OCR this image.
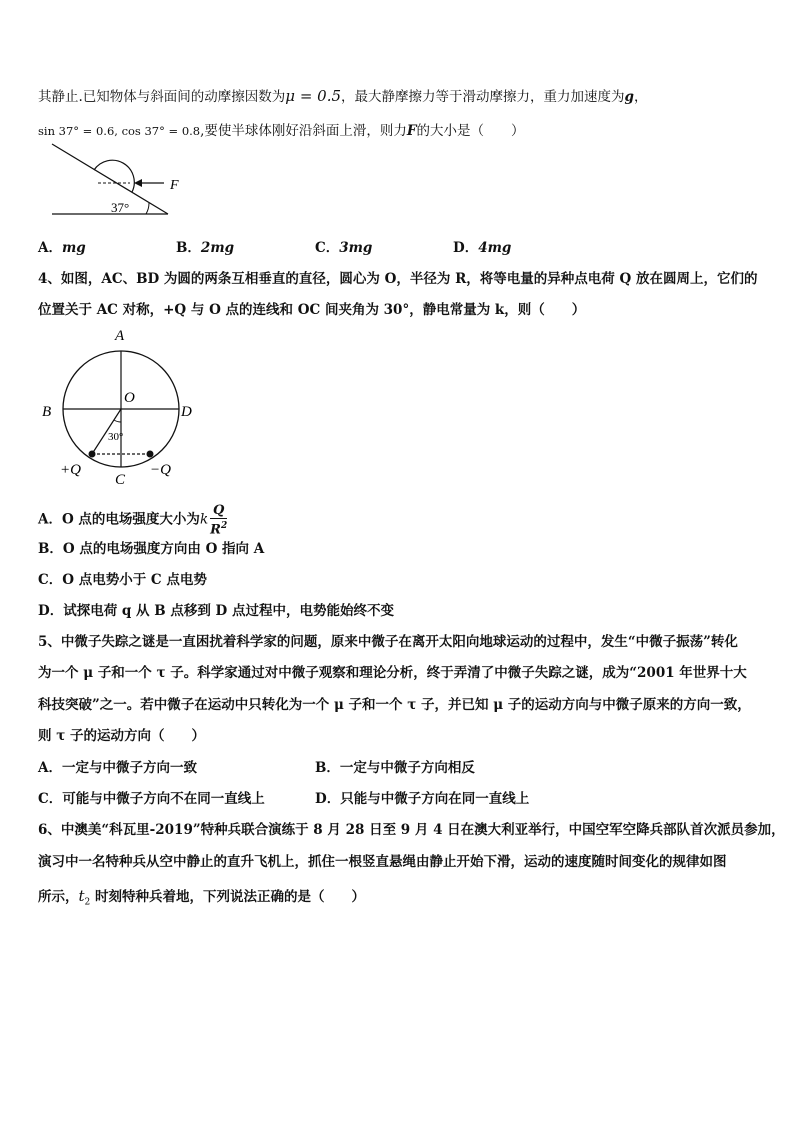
其静止.已知物体与斜面间的动摩擦因数为μ = 0.5，最大静摩擦力等于滑动摩擦力，重力加速度为g，
sin 37° = 0.6, cos 37° = 0.8,要使半球体刚好沿斜面上滑，则力F的大小是（　　）
F
37°
A．mg	B．2mg	C．3mg	D．4mg
4、如图，AC、BD 为圆的两条互相垂直的直径，圆心为 O，半径为 R，将等电量的异种点电荷 Q 放在圆周上，它们的
位置关于 AC 对称，+Q 与 O 点的连线和 OC 间夹角为 30°，静电常量为 k，则（　　）
A
B	D
O
C
30°
+Q	−Q
A．O 点的电场强度大小为k $\frac{Q}{R^2}$
B．O 点的电场强度方向由 O 指向 A
C．O 点电势小于 C 点电势
D．试探电荷 q 从 B 点移到 D 点过程中，电势能始终不变
5、中微子失踪之谜是一直困扰着科学家的问题，原来中微子在离开太阳向地球运动的过程中，发生“中微子振荡”转化
为一个 μ 子和一个 τ 子。科学家通过对中微子观察和理论分析，终于弄清了中微子失踪之谜，成为“2001 年世界十大
科技突破”之一。若中微子在运动中只转化为一个 μ 子和一个 τ 子，并已知 μ 子的运动方向与中微子原来的方向一致，
则 τ 子的运动方向（　　）
A．一定与中微子方向一致	B．一定与中微子方向相反
C．可能与中微子方向不在同一直线上	D．只能与中微子方向在同一直线上
6、中澳美“科瓦里-2019”特种兵联合演练于 8 月 28 日至 9 月 4 日在澳大利亚举行，中国空军空降兵部队首次派员参加，
演习中一名特种兵从空中静止的直升飞机上，抓住一根竖直悬绳由静止开始下滑，运动的速度随时间变化的规律如图
所示，$t_2$ 时刻特种兵着地，下列说法正确的是（　　）
